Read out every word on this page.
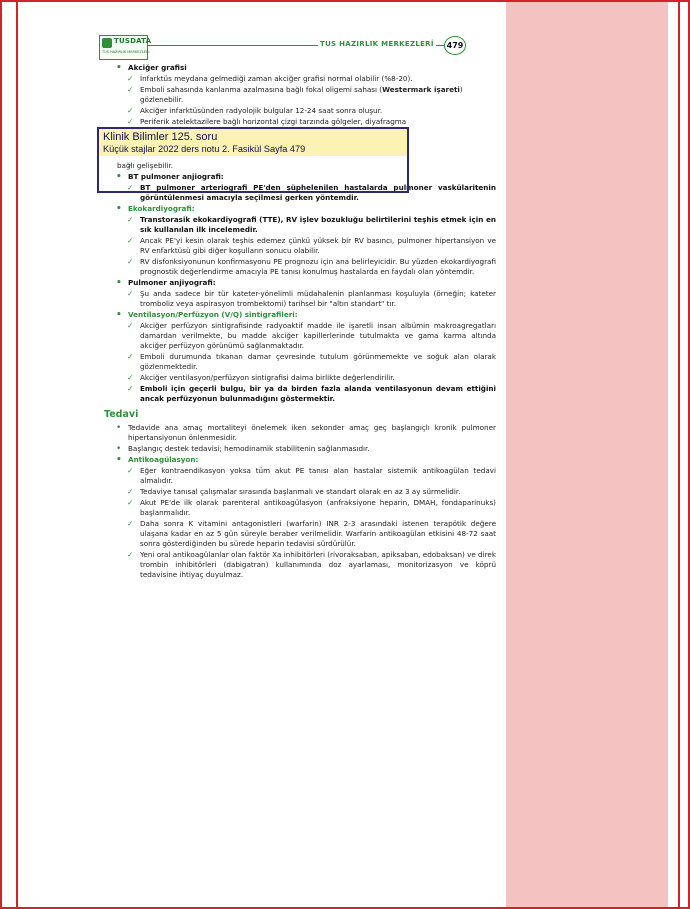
TUSDATA
TUS HAZIRLIK MERKEZLERİ
TUS HAZIRLIK MERKEZLERİ	479
• Akciğer grafisi
✓ İnfarktüs meydana gelmediği zaman akciğer grafisi normal olabilir (%8-20).
✓ Emboli sahasında kanlanma azalmasına bağlı fokal oligemi sahası (Westermark işareti) gözlenebilir.
✓ Akciğer infarktüsünden radyolojik bulgular 12-24 saat sonra oluşur.
✓ Periferik atelektazilere bağlı horizontal çizgi tarzında gölgeler, diyafragma
✓ bağlı gelişebilir.
• BT pulmoner anjiografi:
✓ BT pulmoner arteriografi PE'den şüphelenilen hastalarda pulmoner vaskülaritenin görüntülenmesi amacıyla seçilmesi gerken yöntemdir.
• Ekokardiyografi:
✓ Transtorasik ekokardiyografi (TTE), RV işlev bozukluğu belirtilerini teşhis etmek için en sık kullanılan ilk incelemedir.
✓ Ancak PE'yi kesin olarak teşhis edemez çünkü yüksek bir RV basıncı, pulmoner hipertansiyon ve RV enfarktüsü gibi diğer koşulların sonucu olabilir.
✓ RV disfonksiyonunun konfirmasyonu PE prognozu için ana belirleyicidir. Bu yüzden ekokardiyografi prognostik değerlendirme amacıyla PE tanısı konulmuş hastalarda en faydalı olan yöntemdir.
• Pulmoner anjiyografi:
✓ Şu anda sadece bir tür kateter-yönelimli müdahalenin planlanması koşuluyla (örneğin; kateter tromboliz veya aspirasyon trombektomi) tarihsel bir "altın standart" tır.
• Ventilasyon/Perfüzyon (V/Q) sintigrafileri:
✓ Akciğer perfüzyon sintigrafisinde radyoaktif madde ile işaretli insan albümin makroagregatları damardan verilmekte, bu madde akciğer kapillerlerinde tutulmakta ve gama karma altında akciğer perfüzyon görünümü sağlanmaktadır.
✓ Emboli durumunda tıkanan damar çevresinde tutulum görünmemekte ve soğuk alan olarak gözlenmektedir.
✓ Akciğer ventilasyon/perfüzyon sintigrafisi daima birlikte değerlendirilir.
✓ Emboli için geçerli bulgu, bir ya da birden fazla alanda ventilasyonun devam ettiğini ancak perfüzyonun bulunmadığını göstermektir.
Tedavi
• Tedavide ana amaç mortaliteyi önelemek iken sekonder amaç geç başlangıçlı kronik pulmoner hipertansiyonun önlenmesidir.
• Başlangıç destek tedavisi; hemodinamik stabilitenin sağlanmasıdır.
• Antikoagülasyon:
✓ Eğer kontraendikasyon yoksa tüm akut PE tanısı alan hastalar sistemik antikoagülan tedavi almalıdır.
✓ Tedaviye tanısal çalışmalar sırasında başlanmalı ve standart olarak en az 3 ay sürmelidir.
✓ Akut PE'de ilk olarak parenteral antikoagülasyon (anfraksiyone heparin, DMAH, fondaparinuks) başlanmalıdır.
✓ Daha sonra K vitamini antagonistleri (warfarin) INR 2-3 arasındaki istenen terapötik değere ulaşana kadar en az 5 gün süreyle beraber verilmelidir. Warfarin antikoagülan etkisini 48-72 saat sonra gösterdiğinden bu sürede heparin tedavisi sürdürülür.
✓ Yeni oral antikoagülanlar olan faktör Xa inhibitörleri (rivoraksaban, apiksaban, edobaksan) ve direk trombin inhibitörleri (dabigatran) kullanımında doz ayarlaması, monitorizasyon ve köprü tedavisine ihtiyaç duyulmaz.
Klinik Bilimler 125. soru
Küçük stajlar 2022 ders notu 2. Fasikül Sayfa 479
